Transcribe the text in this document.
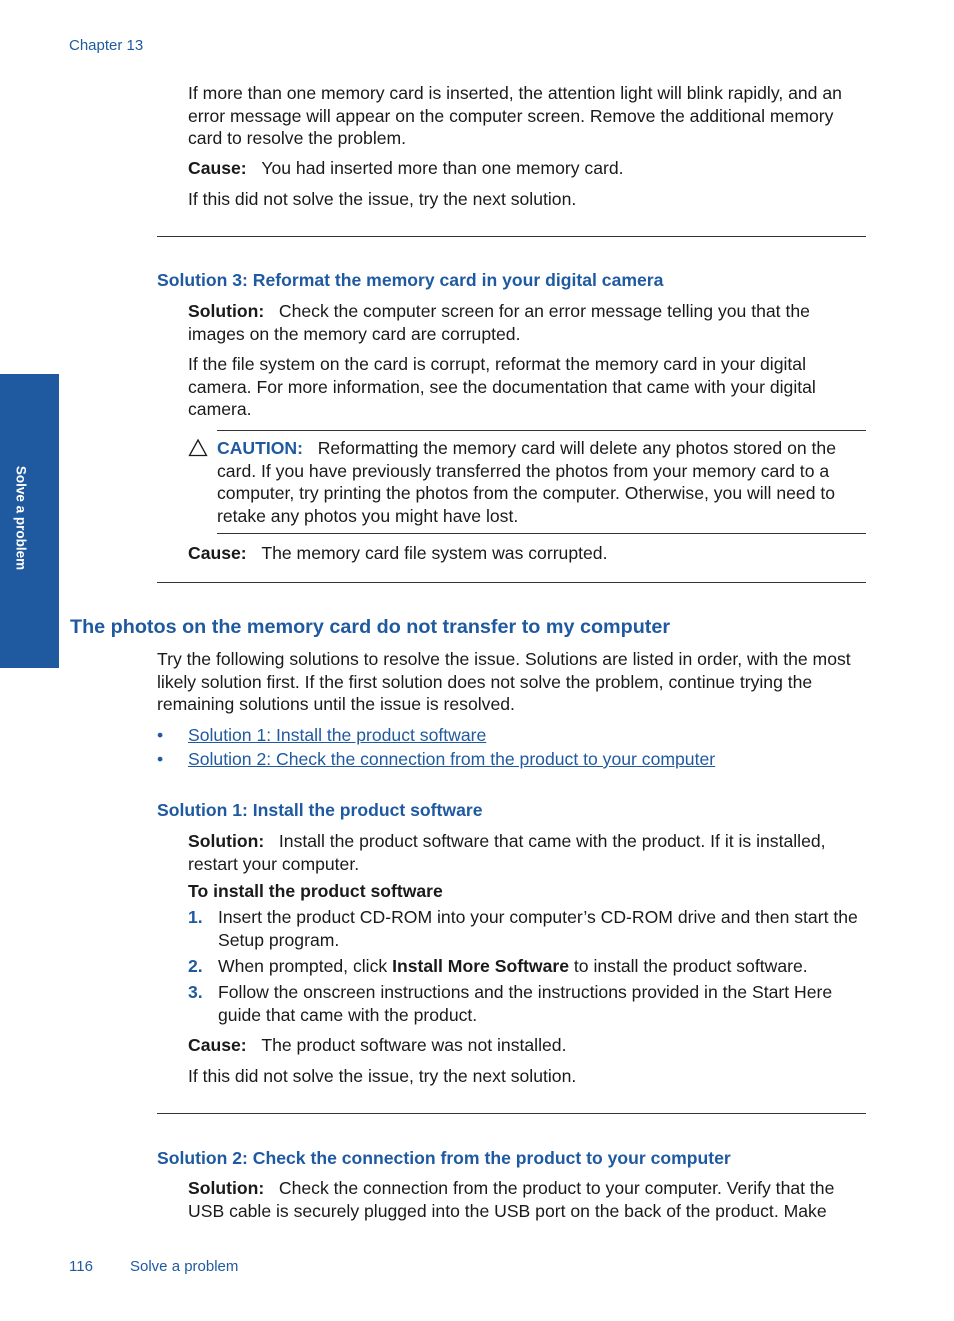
Chapter 13
Solve a problem

If more than one memory card is inserted, the attention light will blink rapidly, and an error message will appear on the computer screen. Remove the additional memory card to resolve the problem.

Cause: You had inserted more than one memory card.

If this did not solve the issue, try the next solution.

Solution 3: Reformat the memory card in your digital camera

Solution: Check the computer screen for an error message telling you that the images on the memory card are corrupted.

If the file system on the card is corrupt, reformat the memory card in your digital camera. For more information, see the documentation that came with your digital camera.

CAUTION: Reformatting the memory card will delete any photos stored on the card. If you have previously transferred the photos from your memory card to a computer, try printing the photos from the computer. Otherwise, you will need to retake any photos you might have lost.

Cause: The memory card file system was corrupted.

The photos on the memory card do not transfer to my computer

Try the following solutions to resolve the issue. Solutions are listed in order, with the most likely solution first. If the first solution does not solve the problem, continue trying the remaining solutions until the issue is resolved.

• Solution 1: Install the product software
• Solution 2: Check the connection from the product to your computer
Solution 1: Install the product software

Solution: Install the product software that came with the product. If it is installed, restart your computer.

To install the product software

1. Insert the product CD-ROM into your computer’s CD-ROM drive and then start the Setup program.
2. When prompted, click Install More Software to install the product software.
3. Follow the onscreen instructions and the instructions provided in the Start Here guide that came with the product.

Cause: The product software was not installed.

If this did not solve the issue, try the next solution.

Solution 2: Check the connection from the product to your computer

Solution: Check the connection from the product to your computer. Verify that the USB cable is securely plugged into the USB port on the back of the product. Make

116 Solve a problem
